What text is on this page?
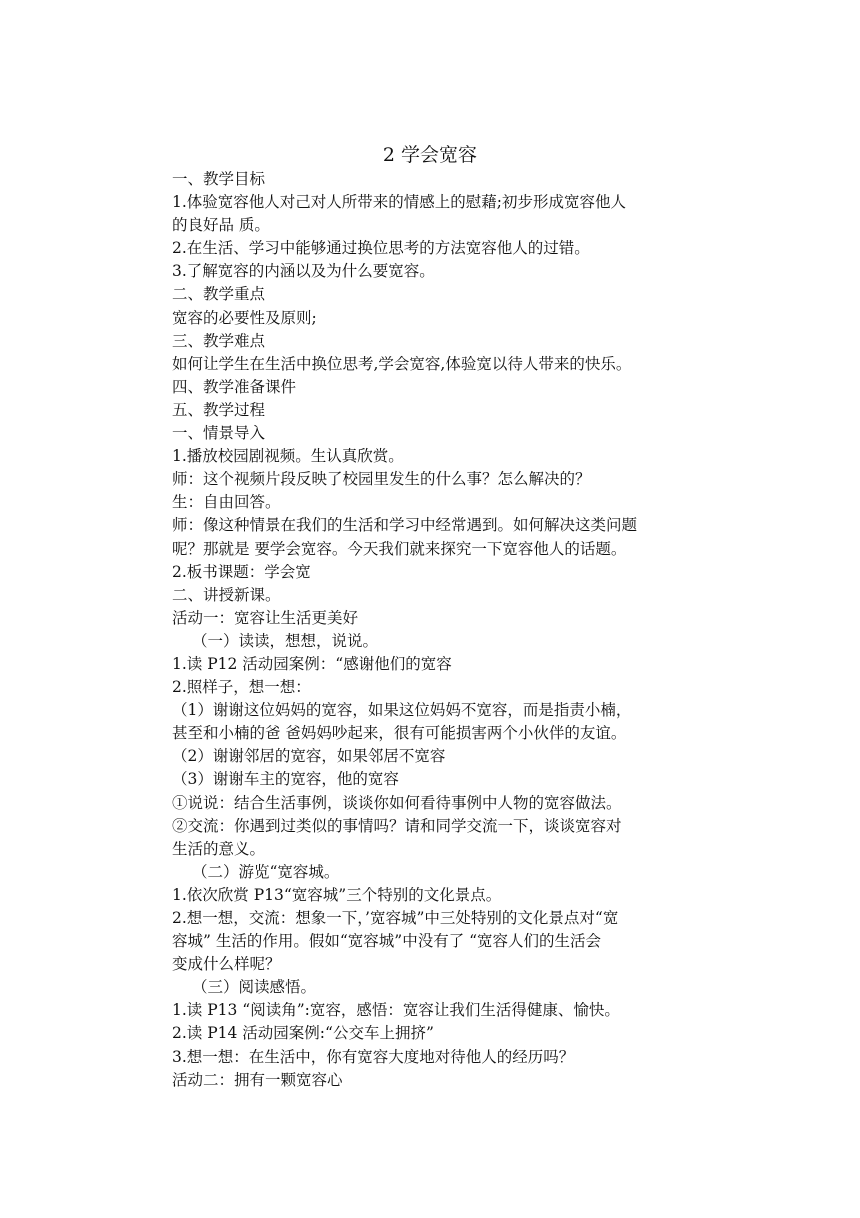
2 学会宽容
一、教学目标
1.体验宽容他人对己对人所带来的情感上的慰藉;初步形成宽容他人
的良好品 质。
2.在生活、学习中能够通过换位思考的方法宽容他人的过错。
3.了解宽容的内涵以及为什么要宽容。
二、教学重点
宽容的必要性及原则;
三、教学难点
如何让学生在生活中换位思考,学会宽容,体验宽以待人带来的快乐。
四、教学准备课件
五、教学过程
一、情景导入
1.播放校园剧视频。生认真欣赏。
师：这个视频片段反映了校园里发生的什么事？怎么解决的？
生：自由回答。
师：像这种情景在我们的生活和学习中经常遇到。如何解决这类问题
呢？那就是 要学会宽容。今天我们就来探究一下宽容他人的话题。
2.板书课题：学会宽
二、讲授新课。
活动一：宽容让生活更美好
（一）读读，想想，说说。
1.读 P12 活动园案例：“感谢他们的宽容
2.照样子，想一想：
（1）谢谢这位妈妈的宽容，如果这位妈妈不宽容，而是指责小楠，
甚至和小楠的爸 爸妈妈吵起来，很有可能损害两个小伙伴的友谊。
（2）谢谢邻居的宽容，如果邻居不宽容
（3）谢谢车主的宽容，他的宽容
①说说：结合生活事例，谈谈你如何看待事例中人物的宽容做法。
②交流：你遇到过类似的事情吗？请和同学交流一下，谈谈宽容对
生活的意义。
（二）游览“宽容城。
1.依次欣赏 P13“宽容城”三个特别的文化景点。
2.想一想，交流：想象一下，’宽容城”中三处特别的文化景点对“宽
容城” 生活的作用。假如“宽容城”中没有了 “宽容人们的生活会
变成什么样呢？
（三）阅读感悟。
1.读 P13 “阅读角”:宽容，感悟：宽容让我们生活得健康、愉快。
2.读 P14 活动园案例:“公交车上拥挤”
3.想一想：在生活中，你有宽容大度地对待他人的经历吗？
活动二：拥有一颗宽容心
